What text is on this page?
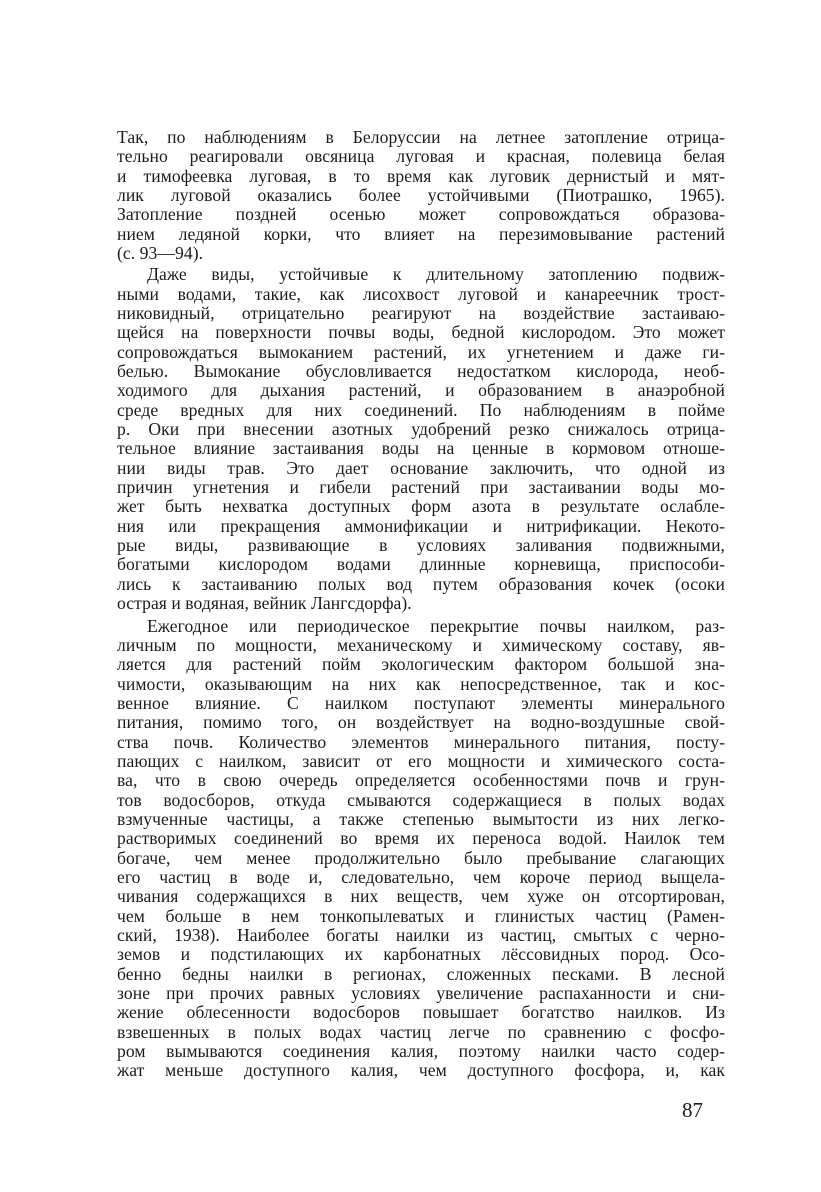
Так, по наблюдениям в Белоруссии на летнее затопление отрица-
тельно реагировали овсяница луговая и красная, полевица белая
и тимофеевка луговая, в то время как луговик дернистый и мят-
лик луговой оказались более устойчивыми (Пиотрашко, 1965).
Затопление поздней осенью может сопровождаться образова-
нием ледяной корки, что влияет на перезимовывание растений
(с. 93—94).
Даже виды, устойчивые к длительному затоплению подвиж-
ными водами, такие, как лисохвост луговой и канареечник трост-
никовидный, отрицательно реагируют на воздействие застаиваю-
щейся на поверхности почвы воды, бедной кислородом. Это может
сопровождаться вымоканием растений, их угнетением и даже ги-
белью. Вымокание обусловливается недостатком кислорода, необ-
ходимого для дыхания растений, и образованием в анаэробной
среде вредных для них соединений. По наблюдениям в пойме
р. Оки при внесении азотных удобрений резко снижалось отрица-
тельное влияние застаивания воды на ценные в кормовом отноше-
нии виды трав. Это дает основание заключить, что одной из
причин угнетения и гибели растений при застаивании воды мо-
жет быть нехватка доступных форм азота в результате ослабле-
ния или прекращения аммонификации и нитрификации. Некото-
рые виды, развивающие в условиях заливания подвижными,
богатыми кислородом водами длинные корневища, приспособи-
лись к застаиванию полых вод путем образования кочек (осоки
острая и водяная, вейник Лангсдорфа).
Ежегодное или периодическое перекрытие почвы наилком, раз-
личным по мощности, механическому и химическому составу, яв-
ляется для растений пойм экологическим фактором большой зна-
чимости, оказывающим на них как непосредственное, так и кос-
венное влияние. С наилком поступают элементы минерального
питания, помимо того, он воздействует на водно-воздушные свой-
ства почв. Количество элементов минерального питания, посту-
пающих с наилком, зависит от его мощности и химического соста-
ва, что в свою очередь определяется особенностями почв и грун-
тов водосборов, откуда смываются содержащиеся в полых водах
взмученные частицы, а также степенью вымытости из них легко-
растворимых соединений во время их переноса водой. Наилок тем
богаче, чем менее продолжительно было пребывание слагающих
его частиц в воде и, следовательно, чем короче период выщела-
чивания содержащихся в них веществ, чем хуже он отсортирован,
чем больше в нем тонкопылеватых и глинистых частиц (Рамен-
ский, 1938). Наиболее богаты наилки из частиц, смытых с черно-
земов и подстилающих их карбонатных лёссовидных пород. Осо-
бенно бедны наилки в регионах, сложенных песками. В лесной
зоне при прочих равных условиях увеличение распаханности и сни-
жение облесенности водосборов повышает богатство наилков. Из
взвешенных в полых водах частиц легче по сравнению с фосфо-
ром вымываются соединения калия, поэтому наилки часто содер-
жат меньше доступного калия, чем доступного фосфора, и, как
87
